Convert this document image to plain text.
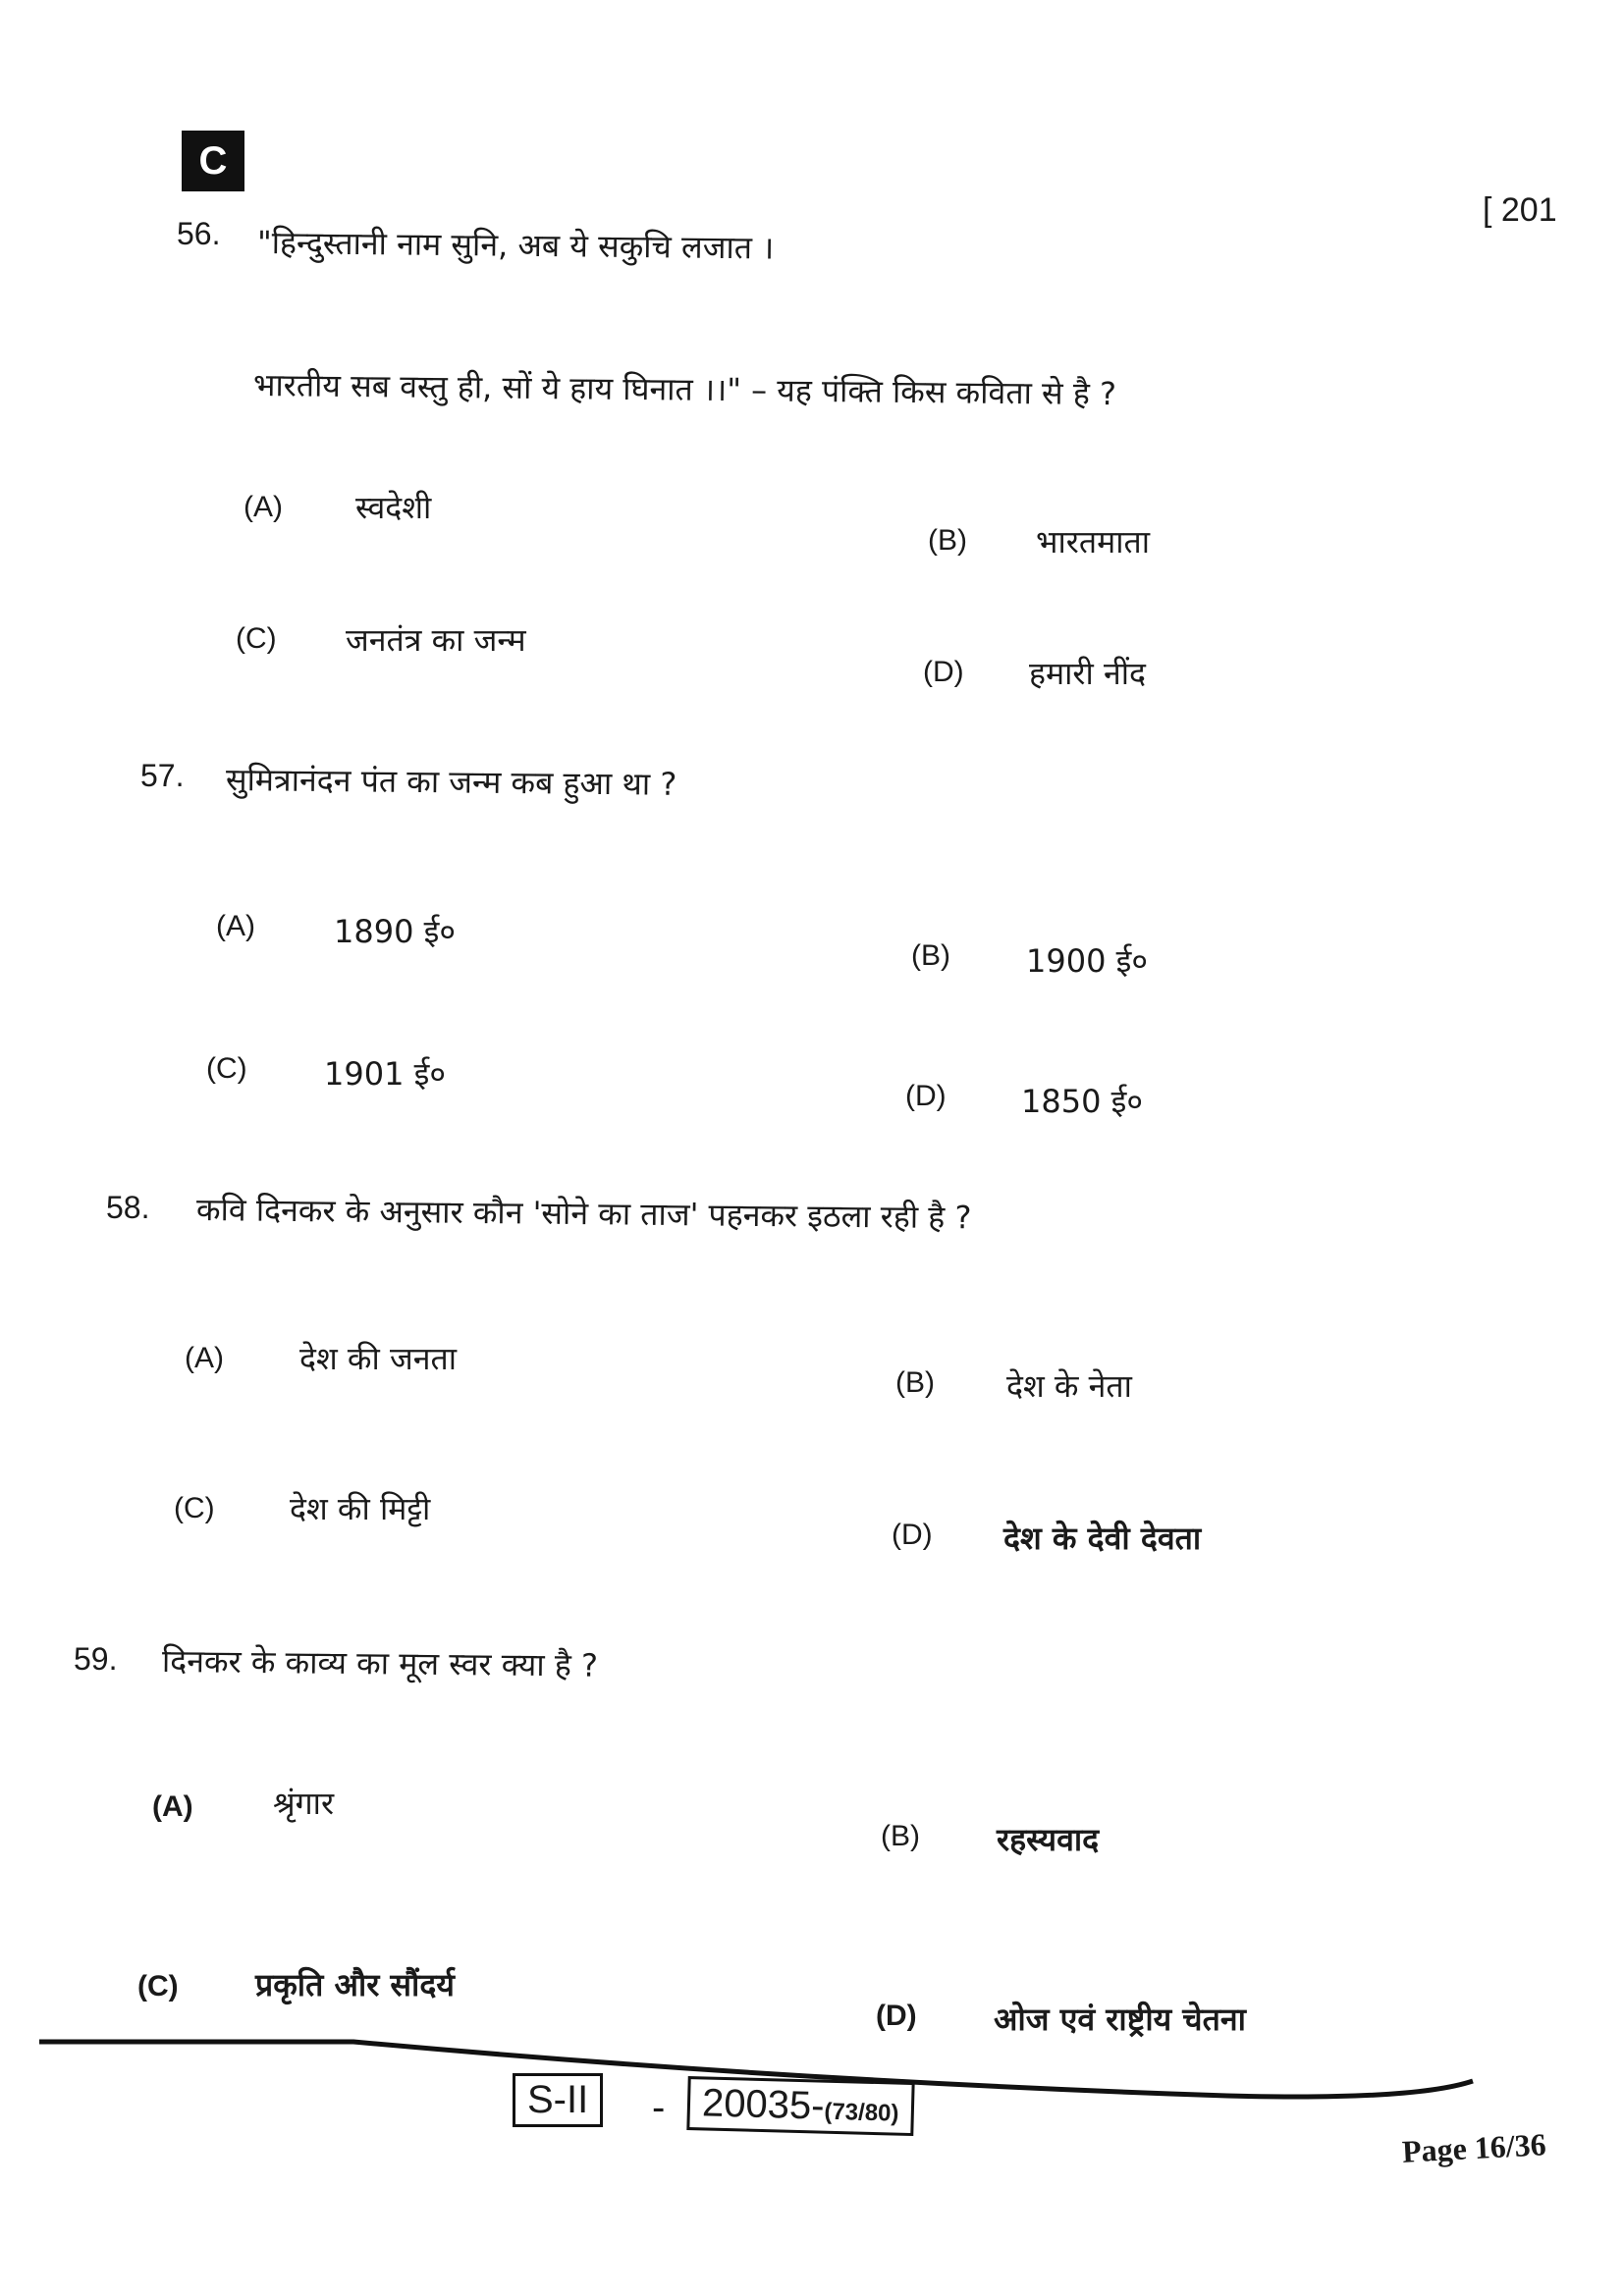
C
[ 201
56. "हिन्दुस्तानी नाम सुनि, अब ये सकुचि लजात ।
भारतीय सब वस्तु ही, सों ये हाय घिनात ।।" – यह पंक्ति किस कविता से है ?
(A) स्वदेशी
(B) भारतमाता
(C) जनतंत्र का जन्म
(D) हमारी नींद
57. सुमित्रानंदन पंत का जन्म कब हुआ था ?
(A)	1890 ई०
(B) 1900 ई०
(C) 1901 ई०
(D) 1850 ई०
58. कवि दिनकर के अनुसार कौन 'सोने का ताज' पहनकर इठला रही है ?
(A) देश की जनता
(B) देश के नेता
(C) देश की मिट्टी
(D) देश के देवी देवता
59. दिनकर के काव्य का मूल स्वर क्या है ?
(A)	श्रृंगार
(B) रहस्यवाद
(C) प्रकृति और सौंदर्य
(D) ओज एवं राष्ट्रीय चेतना
S-II	- 20035-(73/80)
Page 16/36
